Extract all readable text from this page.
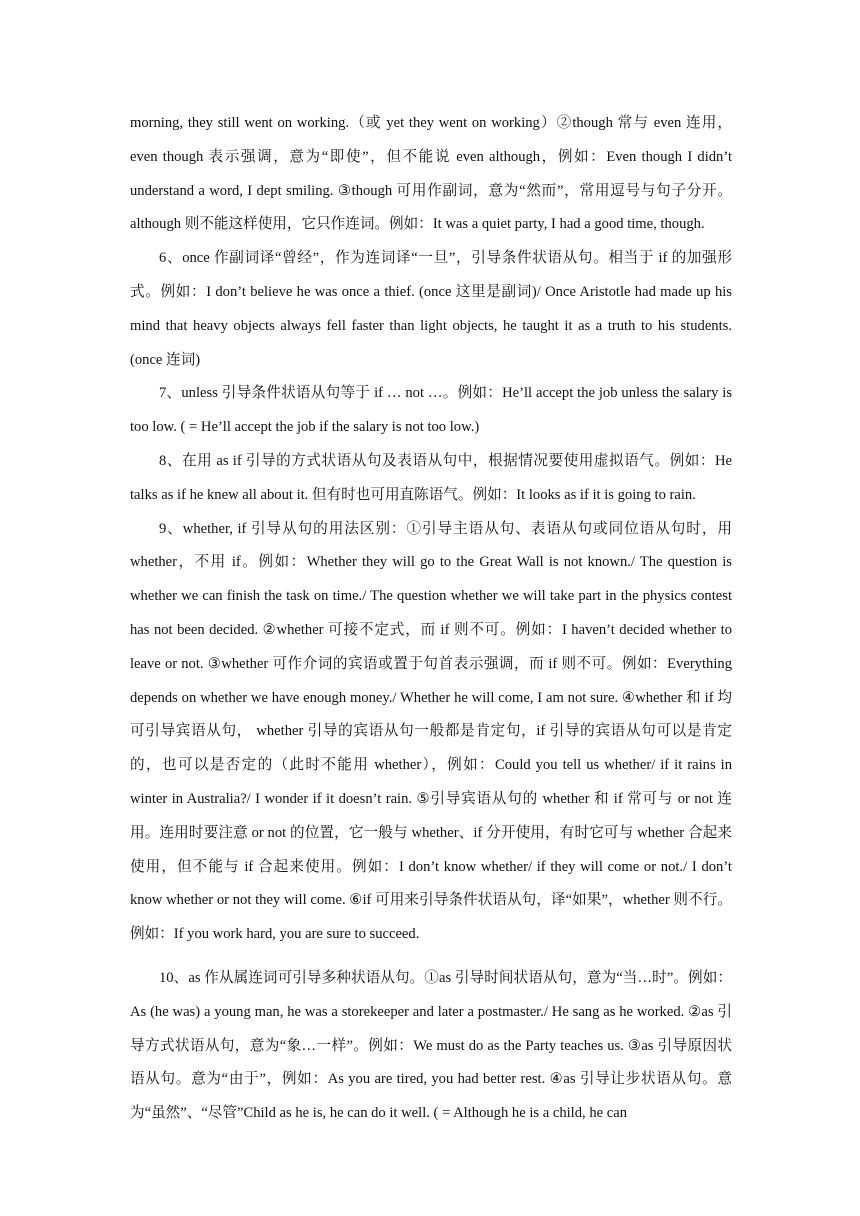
morning, they still went on working.（或 yet they went on working）②though 常与 even 连用，even though 表示强调，意为“即使”，但不能说 even although，例如：Even though I didn’t understand a word, I dept smiling. ③though 可用作副词，意为“然而”，常用逗号与句子分开。although 则不能这样使用，它只作连词。例如：It was a quiet party, I had a good time, though.

6、once 作副词译“曾经”，作为连词译“一旦”，引导条件状语从句。相当于 if 的加强形式。例如：I don’t believe he was once a thief. (once 这里是副词)/ Once Aristotle had made up his mind that heavy objects always fell faster than light objects, he taught it as a truth to his students. (once 连词)

7、unless 引导条件状语从句等于 if … not …。例如：He’ll accept the job unless the salary is too low. ( = He’ll accept the job if the salary is not too low.)

8、在用 as if 引导的方式状语从句及表语从句中，根据情况要使用虚拟语气。例如：He talks as if he knew all about it. 但有时也可用直陈语气。例如：It looks as if it is going to rain.

9、whether, if 引导从句的用法区别：①引导主语从句、表语从句或同位语从句时，用 whether，不用 if。例如：Whether they will go to the Great Wall is not known./ The question is whether we can finish the task on time./ The question whether we will take part in the physics contest has not been decided. ②whether 可接不定式，而 if 则不可。例如：I haven’t decided whether to leave or not. ③whether 可作介词的宾语或置于句首表示强调，而 if 则不可。例如：Everything depends on whether we have enough money./ Whether he will come, I am not sure. ④whether 和 if 均可引导宾语从句， whether 引导的宾语从句一般都是肯定句，if 引导的宾语从句可以是肯定的，也可以是否定的（此时不能用 whether），例如：Could you tell us whether/ if it rains in winter in Australia?/ I wonder if it doesn’t rain. ⑤引导宾语从句的 whether 和 if 常可与 or not 连用。连用时要注意 or not 的位置，它一般与 whether、if 分开使用，有时它可与 whether 合起来使用，但不能与 if 合起来使用。例如：I don’t know whether/ if they will come or not./ I don’t know whether or not they will come. ⑥if 可用来引导条件状语从句，译“如果”，whether 则不行。例如：If you work hard, you are sure to succeed.

10、as 作从属连词可引导多种状语从句。①as 引导时间状语从句，意为“当…时”。例如：As (he was) a young man, he was a storekeeper and later a postmaster./ He sang as he worked. ②as 引导方式状语从句，意为“象…一样”。例如：We must do as the Party teaches us. ③as 引导原因状语从句。意为“由于”，例如：As you are tired, you had better rest. ④as 引导让步状语从句。意为“虽然”、“尽管”Child as he is, he can do it well. ( = Although he is a child, he can
